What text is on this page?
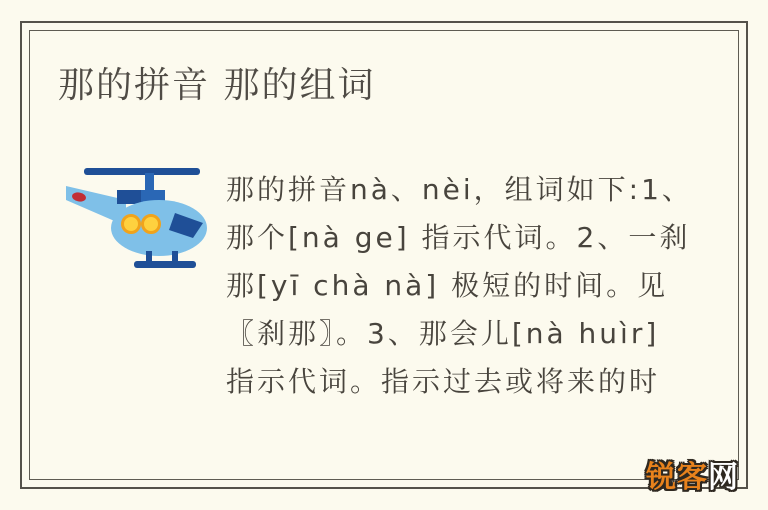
那的拼音 那的组词
那的拼音nà、nèi，组词如下:1、
那个[nà ge] 指示代词。2、一刹
那[yī chà nà] 极短的时间。见
〖刹那〗。3、那会儿[nà huìr]
指示代词。指示过去或将来的时
锐客网
